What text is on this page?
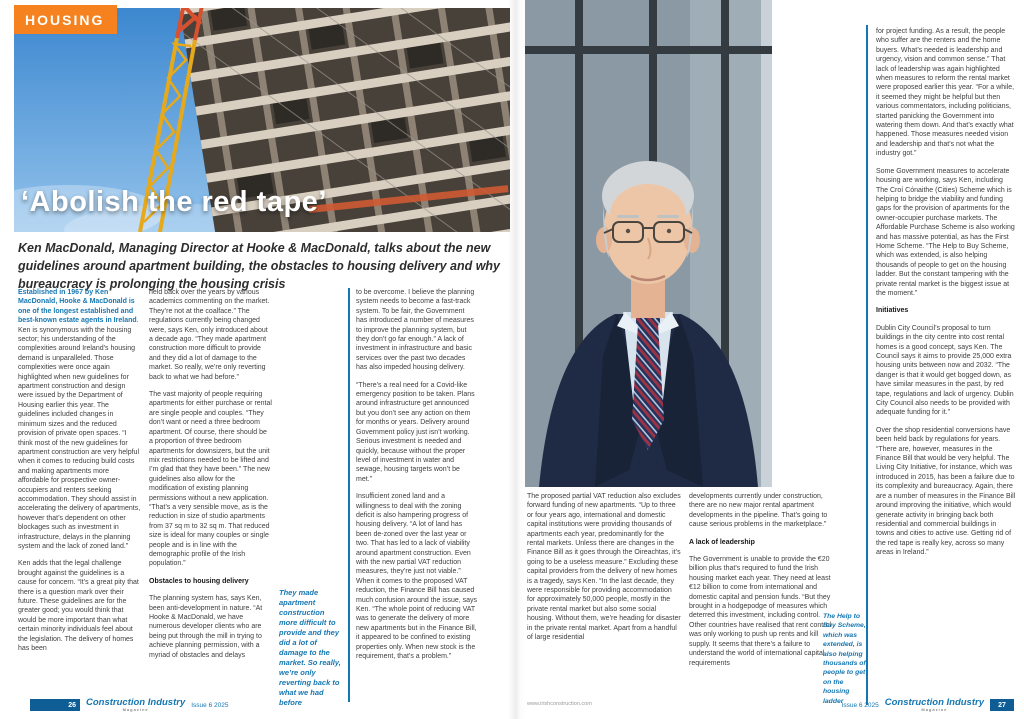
HOUSING
‘Abolish the red tape’
Ken MacDonald, Managing Director at Hooke & MacDonald, talks about the new guidelines around apartment building, the obstacles to housing delivery and why bureaucracy is prolonging the housing crisis

Established in 1967 by Ken MacDonald, Hooke & MacDonald is one of the longest established and best-known estate agents in Ireland. Ken is synonymous with the housing sector; his understanding of the complexities around Ireland’s housing demand is unparalleled. Those complexities were once again highlighted when new guidelines for apartment construction and design were issued by the Department of Housing earlier this year. The guidelines included changes in minimum sizes and the reduced provision of private open spaces. “I think most of the new guidelines for apartment construction are very helpful when it comes to reducing build costs and making apartments more affordable for prospective owner-occupiers and renters seeking accommodation. They should assist in accelerating the delivery of apartments, however that’s dependent on other blockages such as investment in infrastructure, delays in the planning system and the lack of zoned land.”

Ken adds that the legal challenge brought against the guidelines is a cause for concern. “It’s a great pity that there is a question mark over their future. These guidelines are for the greater good; you would think that would be more important than what certain minority individuals feel about the legislation. The delivery of homes has been

held back over the years by various academics commenting on the market. They’re not at the coalface.” The regulations currently being changed were, says Ken, only introduced about a decade ago. “They made apartment construction more difficult to provide and they did a lot of damage to the market. So really, we’re only reverting back to what we had before.”

The vast majority of people requiring apartments for either purchase or rental are single people and couples. “They don’t want or need a three bedroom apartment. Of course, there should be a proportion of three bedroom apartments for downsizers, but the unit mix restrictions needed to be lifted and I’m glad that they have been.” The new guidelines also allow for the modification of existing planning permissions without a new application. “That’s a very sensible move, as is the reduction in size of studio apartments from 37 sq m to 32 sq m. That reduced size is ideal for many couples or single people and is in line with the demographic profile of the Irish population.”

Obstacles to housing delivery

The planning system has, says Ken, been anti-development in nature. “At Hooke & MacDonald, we have numerous developer clients who are being put through the mill in trying to achieve planning permission, with a myriad of obstacles and delays

They made apartment construction more difficult to provide and they did a lot of damage to the market. So really, we’re only reverting back to what we had before

to be overcome. I believe the planning system needs to become a fast-track system. To be fair, the Government has introduced a number of measures to improve the planning system, but they don’t go far enough.” A lack of investment in infrastructure and basic services over the past two decades has also impeded housing delivery.

“There’s a real need for a Covid-like emergency position to be taken. Plans around infrastructure get announced but you don’t see any action on them for months or years. Delivery around Government policy just isn’t working. Serious investment is needed and quickly, because without the proper level of investment in water and sewage, housing targets won’t be met.”

Insufficient zoned land and a willingness to deal with the zoning deficit is also hampering progress of housing delivery. “A lot of land has been de-zoned over the last year or two. That has led to a lack of viability around apartment construction. Even with the new partial VAT reduction measures, they’re just not viable.” When it comes to the proposed VAT reduction, the Finance Bill has caused much confusion around the issue, says Ken. “The whole point of reducing VAT was to generate the delivery of more new apartments but in the Finance Bill, it appeared to be confined to existing properties only. When new stock is the requirement, that’s a problem.”

26	Construction Industry
Magazine
Issue 6 2025

The proposed partial VAT reduction also excludes forward funding of new apartments. “Up to three or four years ago, international and domestic capital institutions were providing thousands of apartments each year, predominantly for the rental markets. Unless there are changes in the Finance Bill as it goes through the Oireachtas, it’s going to be a useless measure.” Excluding these capital providers from the delivery of new homes is a tragedy, says Ken. “In the last decade, they were responsible for providing accommodation for approximately 50,000 people, mostly in the private rental market but also some social housing. Without them, we’re heading for disaster in the private rental market. Apart from a handful of large residential

developments currently under construction, there are no new major rental apartment developments in the pipeline. That’s going to cause serious problems in the marketplace.”

A lack of leadership

The Government is unable to provide the €20 billion plus that’s required to fund the Irish housing market each year. They need at least €12 billion to come from international and domestic capital and pension funds. “But they brought in a hodgepodge of measures which deterred this investment, including control. Other countries have realised that rent control was only working to push up rents and kill supply. It seems that there’s a failure to understand the world of international capital requirements

The Help to Buy Scheme, which was extended, is also helping thousands of people to get on the housing ladder

for project funding. As a result, the people who suffer are the renters and the home buyers. What’s needed is leadership and urgency, vision and common sense.” That lack of leadership was again highlighted when measures to reform the rental market were proposed earlier this year. “For a while, it seemed they might be helpful but then various commentators, including politicians, started panicking the Government into watering them down. And that’s exactly what happened. Those measures needed vision and leadership and that’s not what the industry got.”

Some Government measures to accelerate housing are working, says Ken, including The Croí Cónaithe (Cities) Scheme which is helping to bridge the viability and funding gaps for the provision of apartments for the owner-occupier purchase markets. The Affordable Purchase Scheme is also working and has massive potential, as has the First Home Scheme. “The Help to Buy Scheme, which was extended, is also helping thousands of people to get on the housing ladder. But the constant tampering with the private rental market is the biggest issue at the moment.”

Initiatives

Dublin City Council’s proposal to turn buildings in the city centre into cost rental homes is a good concept, says Ken. The Council says it aims to provide 25,000 extra housing units between now and 2032. “The danger is that it would get bogged down, as have similar measures in the past, by red tape, regulations and lack of urgency. Dublin City Council also needs to be provided with adequate funding for it.”

Over the shop residential conversions have been held back by regulations for years. “There are, however, measures in the Finance Bill that would be very helpful. The Living City Initiative, for instance, which was introduced in 2015, has been a failure due to its complexity and bureaucracy. Again, there are a number of measures in the Finance Bill around improving the initiative, which would generate activity in bringing back both residential and commercial buildings in towns and cities to active use. Getting rid of the red tape is really key, across so many areas in Ireland.”

www.irishconstruction.com	Issue 6 2025 Construction Industry
Magazine
27
